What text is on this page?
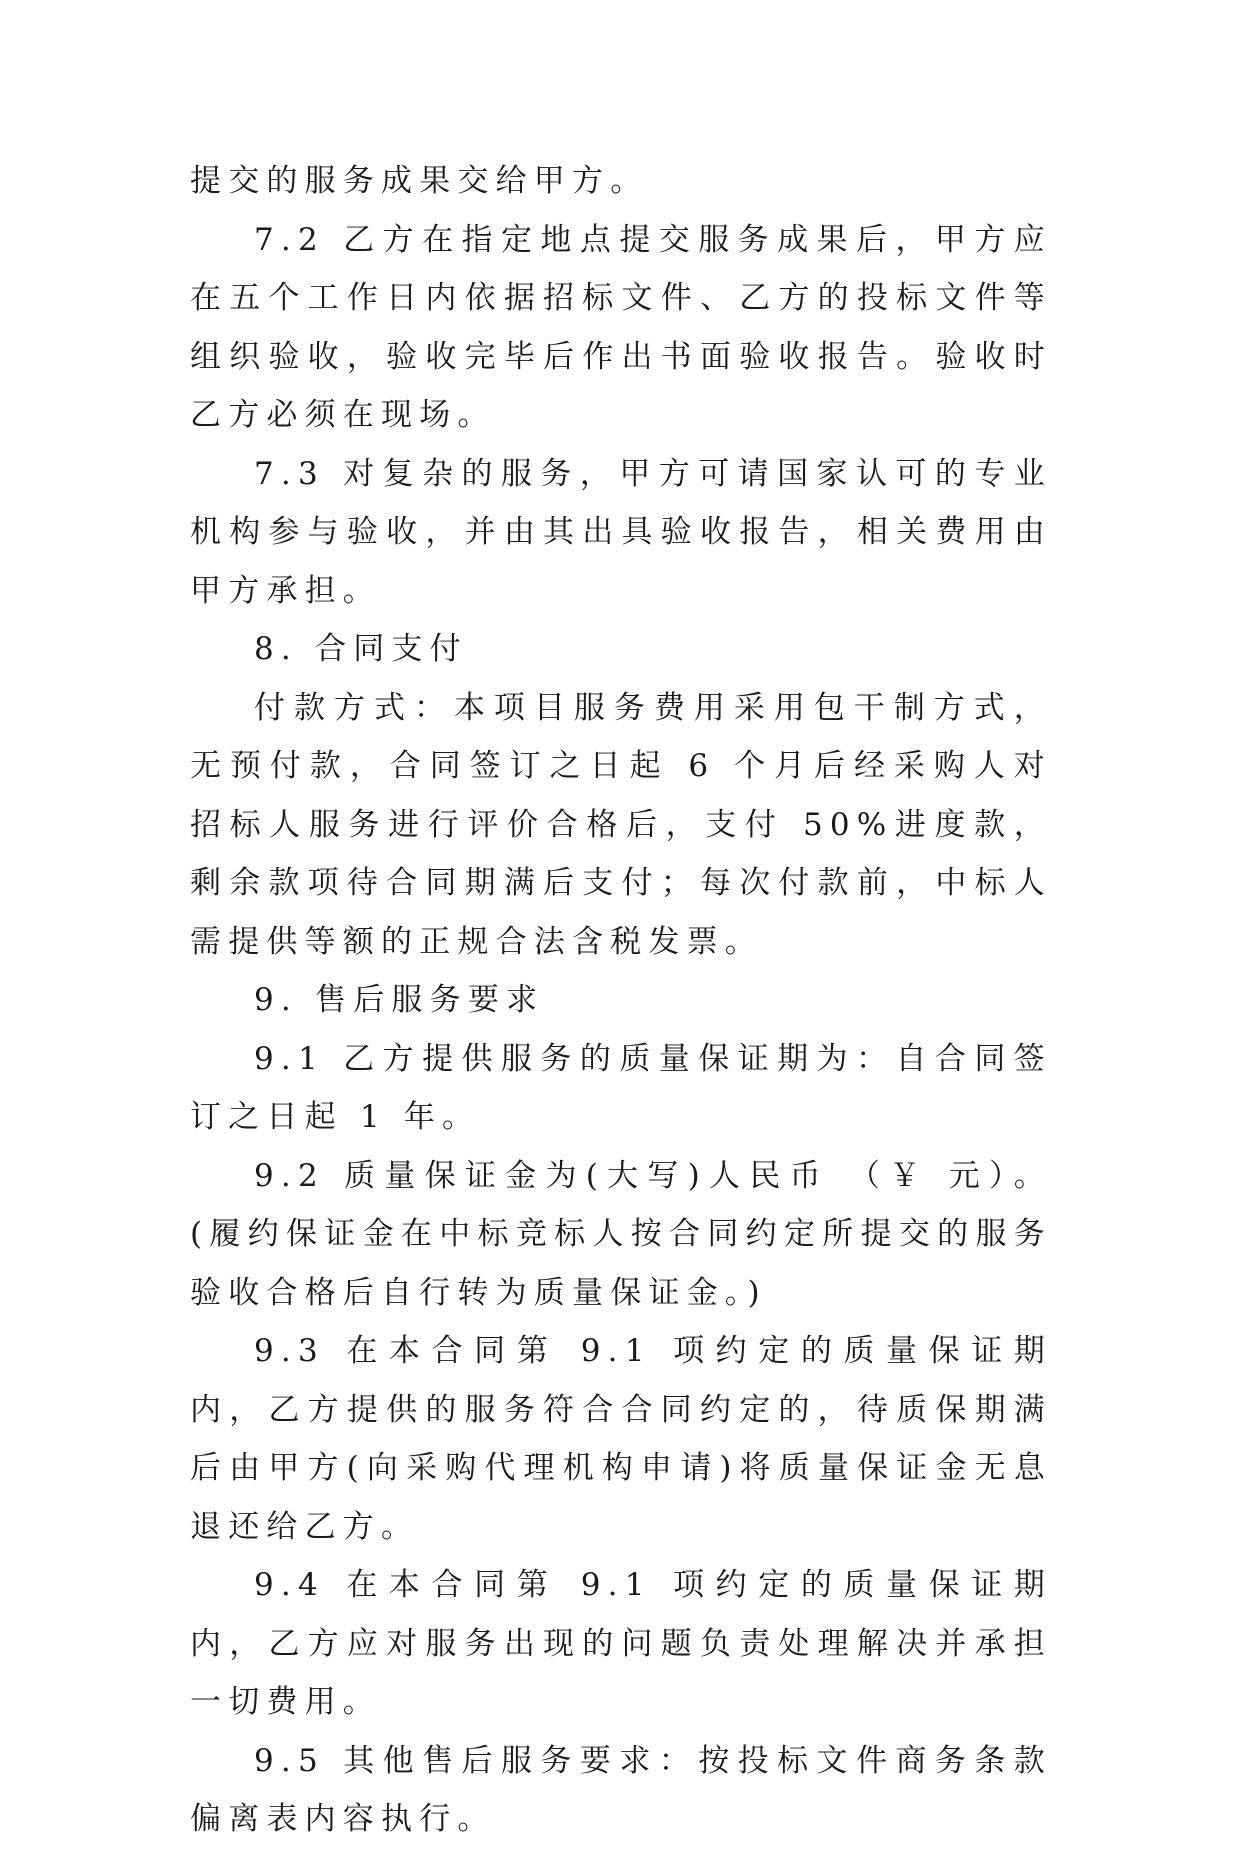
提交的服务成果交给甲方。

7.2 乙方在指定地点提交服务成果后，甲方应在五个工作日内依据招标文件、乙方的投标文件等组织验收，验收完毕后作出书面验收报告。验收时乙方必须在现场。

7.3 对复杂的服务，甲方可请国家认可的专业机构参与验收，并由其出具验收报告，相关费用由甲方承担。

8. 合同支付

付款方式：本项目服务费用采用包干制方式，无预付款，合同签订之日起 6 个月后经采购人对招标人服务进行评价合格后，支付 50%进度款，剩余款项待合同期满后支付；每次付款前，中标人需提供等额的正规合法含税发票。

9. 售后服务要求

9.1 乙方提供服务的质量保证期为：自合同签订之日起 1 年。

9.2 质量保证金为(大写)人民币 （￥ 元）。(履约保证金在中标竞标人按合同约定所提交的服务验收合格后自行转为质量保证金。)

9.3 在本合同第 9.1 项约定的质量保证期内，乙方提供的服务符合合同约定的，待质保期满后由甲方(向采购代理机构申请)将质量保证金无息退还给乙方。

9.4 在本合同第 9.1 项约定的质量保证期内，乙方应对服务出现的问题负责处理解决并承担一切费用。

9.5 其他售后服务要求：按投标文件商务条款偏离表内容执行。
